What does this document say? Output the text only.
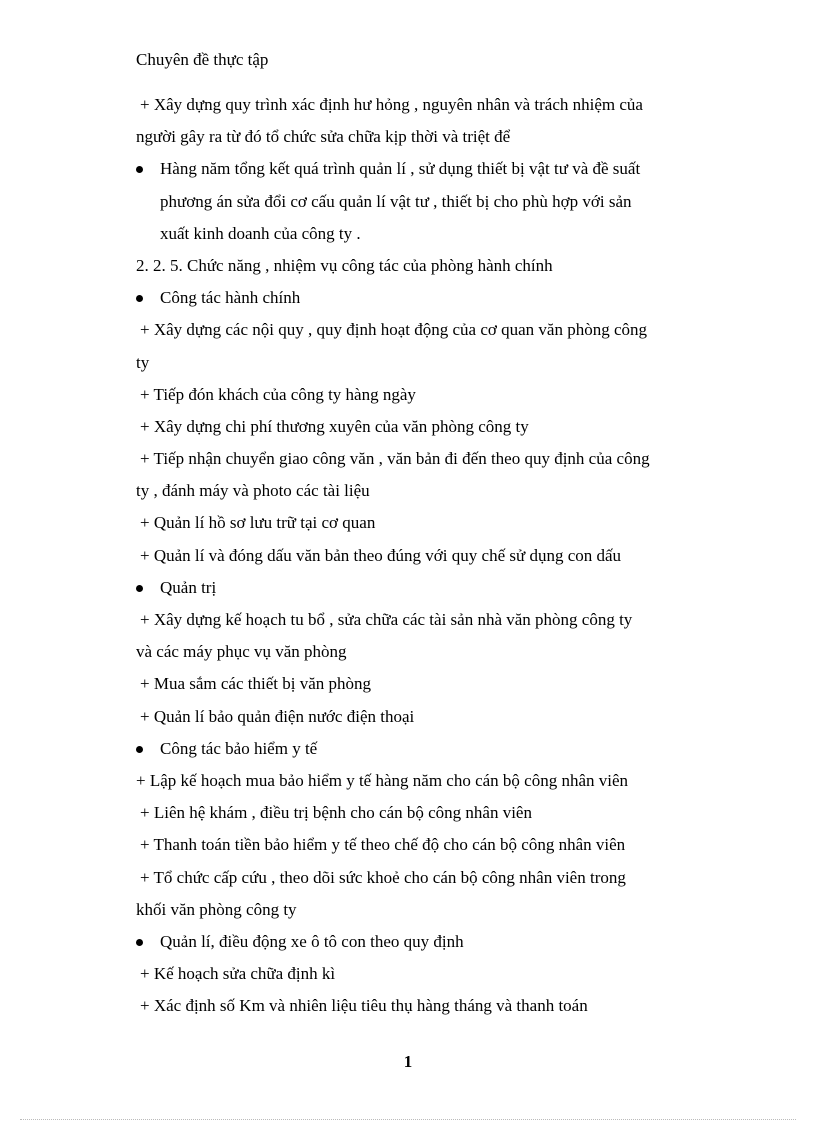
Chuyên đề thực tập
+ Xây dựng quy trình xác định hư hỏng , nguyên nhân và trách nhiệm của
người gây ra từ đó tổ chức sửa chữa kịp thời và triệt để
Hàng năm tổng kết quá trình quản lí , sử dụng thiết bị vật tư và đề suất
phương án sửa đổi cơ cấu quản lí vật tư , thiết bị cho phù hợp với sản
xuất kinh doanh của công ty .
2. 2. 5. Chức năng , nhiệm vụ công tác của phòng hành chính
Công tác hành chính
+ Xây dựng các nội quy , quy định hoạt động của cơ quan văn phòng công
ty
+ Tiếp đón khách của công ty hàng ngày
+ Xây dựng chi phí thương xuyên của văn phòng công ty
+ Tiếp nhận chuyển giao công văn , văn bản đi đến theo quy định của công
ty , đánh máy và photo các tài liệu
+ Quản lí hồ sơ lưu trữ tại cơ quan
+ Quản lí và đóng dấu văn bản theo đúng với quy chế sử dụng con dấu
Quản trị
+ Xây dựng kế hoạch tu bổ , sửa chữa các tài sản nhà văn phòng công ty
và các máy phục vụ văn phòng
+ Mua sắm các thiết bị văn phòng
+ Quản lí bảo quản điện nước điện thoại
Công tác bảo hiểm y tế
+ Lập kế hoạch mua bảo hiểm y tế hàng năm cho cán bộ công nhân viên
+ Liên hệ khám , điều trị bệnh cho cán bộ công nhân viên
+ Thanh toán tiền bảo hiểm y tế theo chế độ cho cán bộ công nhân viên
+ Tổ chức cấp cứu , theo dõi sức khoẻ cho cán bộ công nhân viên trong
khối văn phòng công ty
Quản lí, điều động xe ô tô con theo quy định
+ Kế hoạch sửa chữa định kì
+ Xác định số Km và nhiên liệu tiêu thụ hàng tháng và thanh toán
1
